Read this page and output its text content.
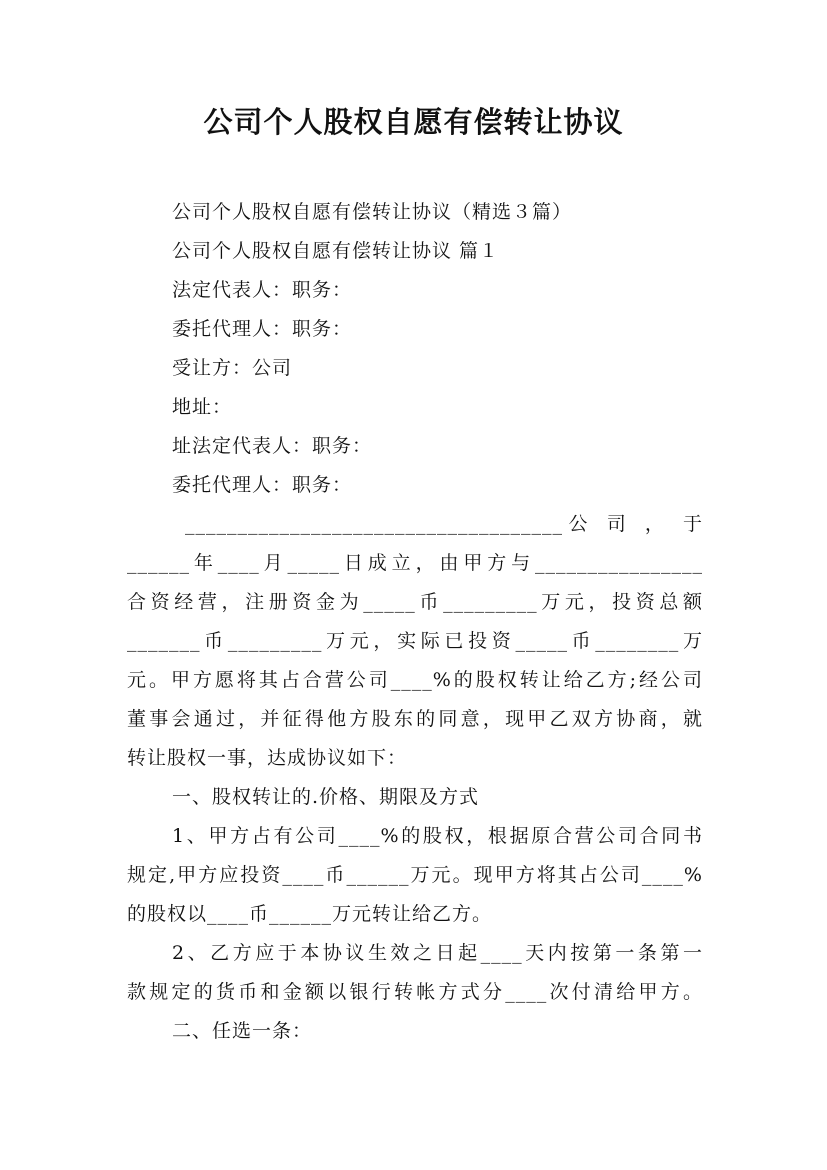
公司个人股权自愿有偿转让协议
公司个人股权自愿有偿转让协议（精选３篇）
公司个人股权自愿有偿转让协议 篇１
法定代表人：职务：
委托代理人：职务：
受让方：公司
地址：
址法定代表人：职务：
委托代理人：职务：
____________________________________公 司 ， 于
______年____月_____日成立，由甲方与________________
合资经营，注册资金为_____币_________万元，投资总额
_______币_________万元，实际已投资_____币________万
元。甲方愿将其占合营公司____%的股权转让给乙方;经公司
董事会通过，并征得他方股东的同意，现甲乙双方协商，就
转让股权一事，达成协议如下：
一、股权转让的.价格、期限及方式
1、甲方占有公司____%的股权，根据原合营公司合同书
规定,甲方应投资____币______万元。现甲方将其占公司____%
的股权以____币______万元转让给乙方。
2、乙方应于本协议生效之日起____天内按第一条第一
款规定的货币和金额以银行转帐方式分____次付清给甲方。
二、任选一条：
